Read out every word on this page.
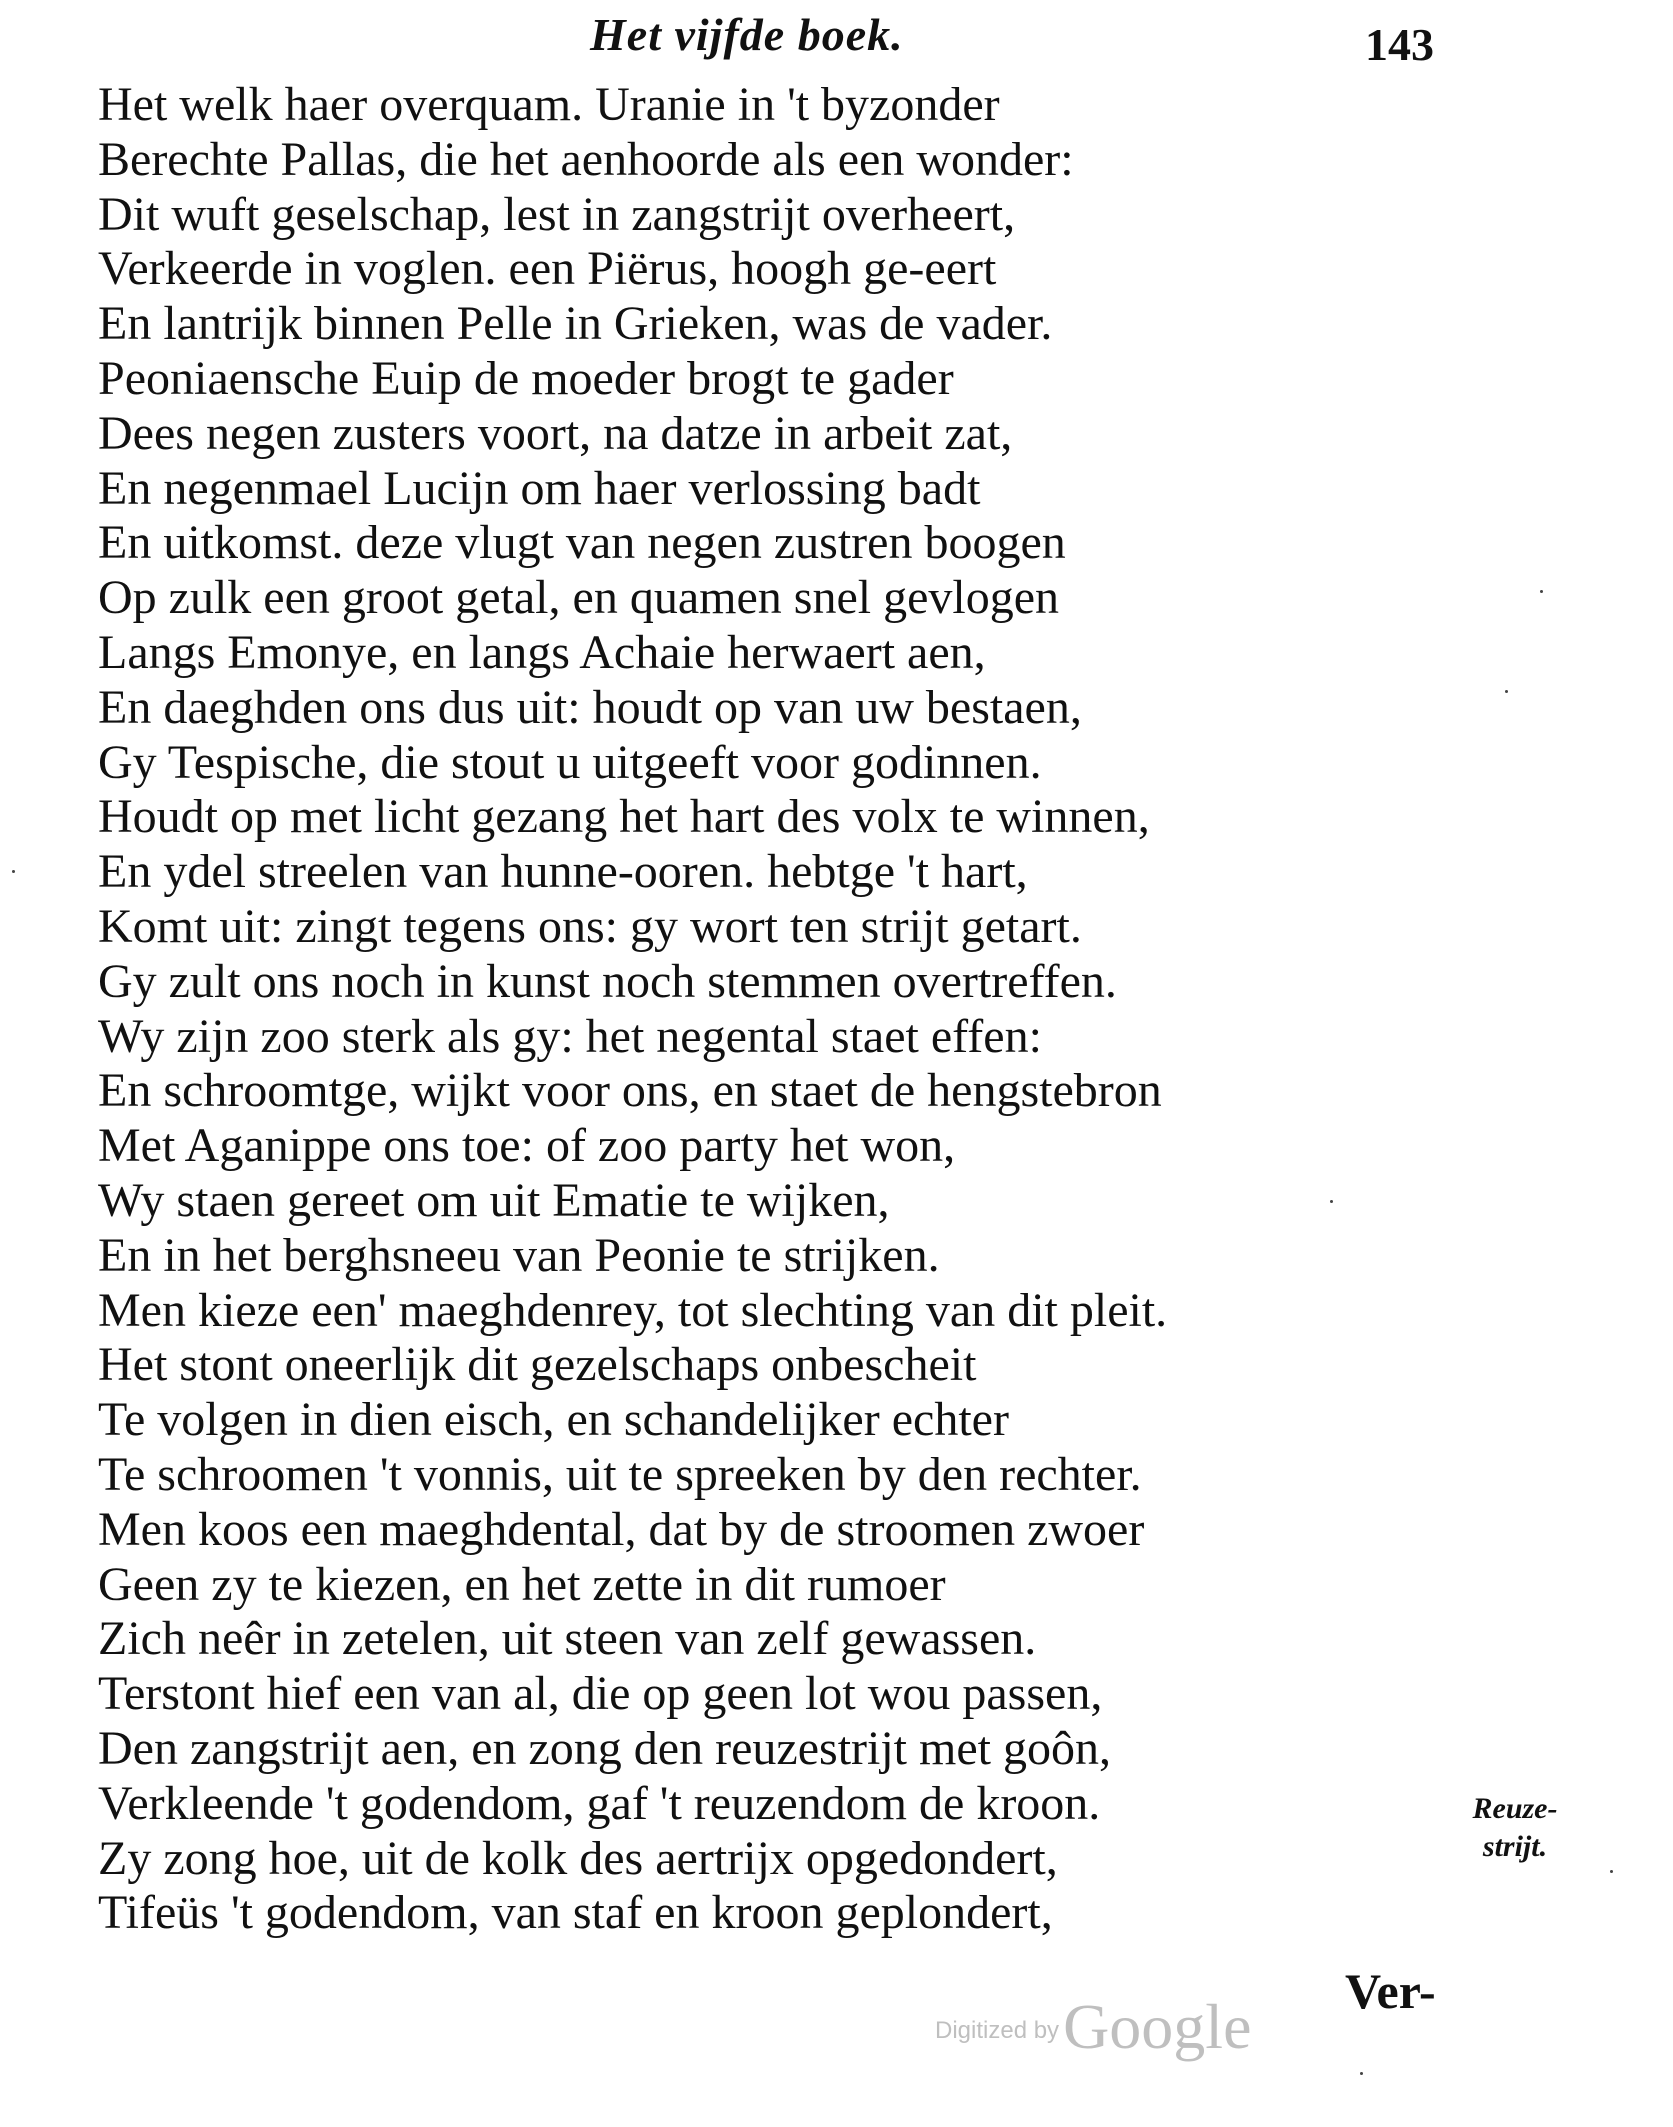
Het vijfde boek.	143
Het welk haer overquam. Uranie in 't byzonder
Berechte Pallas, die het aenhoorde als een wonder:
Dit wuft geselschap, lest in zangstrijt overheert,
Verkeerde in voglen. een Piërus, hoogh ge-eert
En lantrijk binnen Pelle in Grieken, was de vader.
Peoniaensche Euip de moeder brogt te gader
Dees negen zusters voort, na datze in arbeit zat,
En negenmael Lucijn om haer verlossing badt
En uitkomst. deze vlugt van negen zustren boogen
Op zulk een groot getal, en quamen snel gevlogen
Langs Emonye, en langs Achaie herwaert aen,
En daeghden ons dus uit: houdt op van uw bestaen,
Gy Tespische, die stout u uitgeeft voor godinnen.
Houdt op met licht gezang het hart des volx te winnen,
En ydel streelen van hunne-ooren. hebtge 't hart,
Komt uit: zingt tegens ons: gy wort ten strijt getart.
Gy zult ons noch in kunst noch stemmen overtreffen.
Wy zijn zoo sterk als gy: het negental staet effen:
En schroomtge, wijkt voor ons, en staet de hengstebron
Met Aganippe ons toe: of zoo party het won,
Wy staen gereet om uit Ematie te wijken,
En in het berghsneeu van Peonie te strijken.
Men kieze een' maeghdenrey, tot slechting van dit pleit.
Het stont oneerlijk dit gezelschaps onbescheit
Te volgen in dien eisch, en schandelijker echter
Te schroomen 't vonnis, uit te spreeken by den rechter.
Men koos een maeghdental, dat by de stroomen zwoer
Geen zy te kiezen, en het zette in dit rumoer
Zich neêr in zetelen, uit steen van zelf gewassen.
Terstont hief een van al, die op geen lot wou passen,
Den zangstrijt aen, en zong den reuzestrijt met goôn,
Verkleende 't godendom, gaf 't reuzendom de kroon.
Zy zong hoe, uit de kolk des aertrijx opgedondert,
Tifeüs 't godendom, van staf en kroon geplondert,
Reuze-
strijt.
Ver-
Digitized by Google
